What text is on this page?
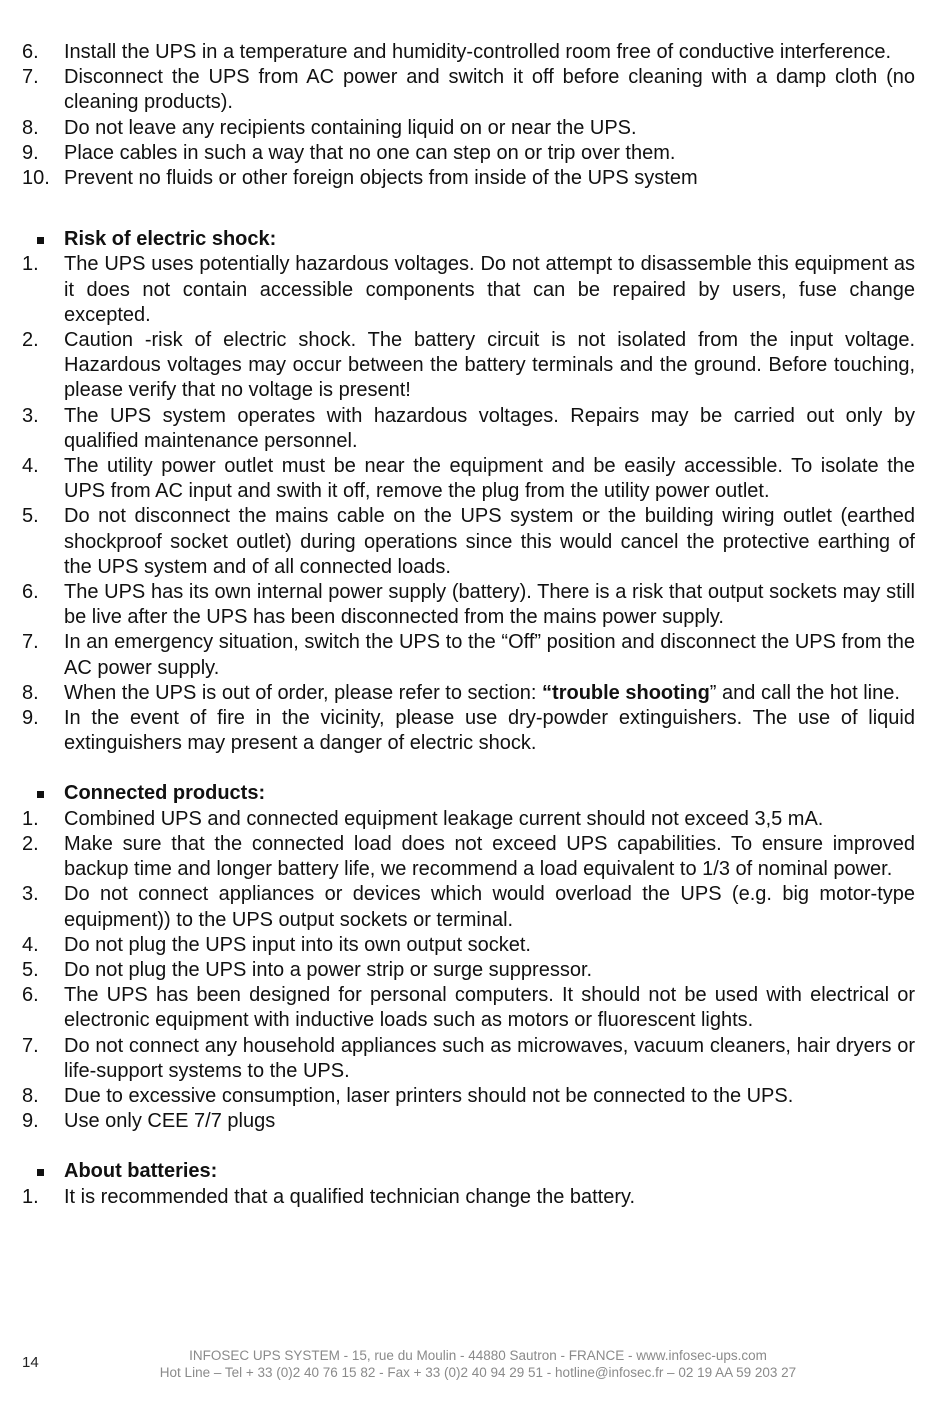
6. Install the UPS in a temperature and humidity-controlled room free of conductive interference.
7. Disconnect the UPS from AC power and switch it off before cleaning with a damp cloth (no cleaning products).
8. Do not leave any recipients containing liquid on or near the UPS.
9. Place cables in such a way that no one can step on or trip over them.
10. Prevent no fluids or other foreign objects from inside of the UPS system
Risk of electric shock:
1. The UPS uses potentially hazardous voltages. Do not attempt to disassemble this equipment as it does not contain accessible components that can be repaired by users, fuse change excepted.
2. Caution -risk of electric shock. The battery circuit is not isolated from the input voltage. Hazardous voltages may occur between the battery terminals and the ground. Before touching, please verify that no voltage is present!
3. The UPS system operates with hazardous voltages. Repairs may be carried out only by qualified maintenance personnel.
4. The utility power outlet must be near the equipment and be easily accessible. To isolate the UPS from AC input and swith it off, remove the plug from the utility power outlet.
5. Do not disconnect the mains cable on the UPS system or the building wiring outlet (earthed shockproof socket outlet) during operations since this would cancel the protective earthing of the UPS system and of all connected loads.
6. The UPS has its own internal power supply (battery). There is a risk that output sockets may still be live after the UPS has been disconnected from the mains power supply.
7. In an emergency situation, switch the UPS to the “Off” position and disconnect the UPS from the AC power supply.
8. When the UPS is out of order, please refer to section: “trouble shooting” and call the hot line.
9. In the event of fire in the vicinity, please use dry-powder extinguishers. The use of liquid extinguishers may present a danger of electric shock.
Connected products:
1. Combined UPS and connected equipment leakage current should not exceed 3,5 mA.
2. Make sure that the connected load does not exceed UPS capabilities. To ensure improved backup time and longer battery life, we recommend a load equivalent to 1/3 of nominal power.
3. Do not connect appliances or devices which would overload the UPS (e.g. big motor-type equipment)) to the UPS output sockets or terminal.
4. Do not plug the UPS input into its own output socket.
5. Do not plug the UPS into a power strip or surge suppressor.
6. The UPS has been designed for personal computers. It should not be used with electrical or electronic equipment with inductive loads such as motors or fluorescent lights.
7. Do not connect any household appliances such as microwaves, vacuum cleaners, hair dryers or life-support systems to the UPS.
8. Due to excessive consumption, laser printers should not be connected to the UPS.
9. Use only CEE 7/7 plugs
About batteries:
1. It is recommended that a qualified technician change the battery.
14	INFOSEC UPS SYSTEM - 15, rue du Moulin - 44880 Sautron - FRANCE - www.infosec-ups.com
Hot Line – Tel + 33 (0)2 40 76 15 82 - Fax + 33 (0)2 40 94 29 51 - hotline@infosec.fr – 02 19 AA 59 203 27
